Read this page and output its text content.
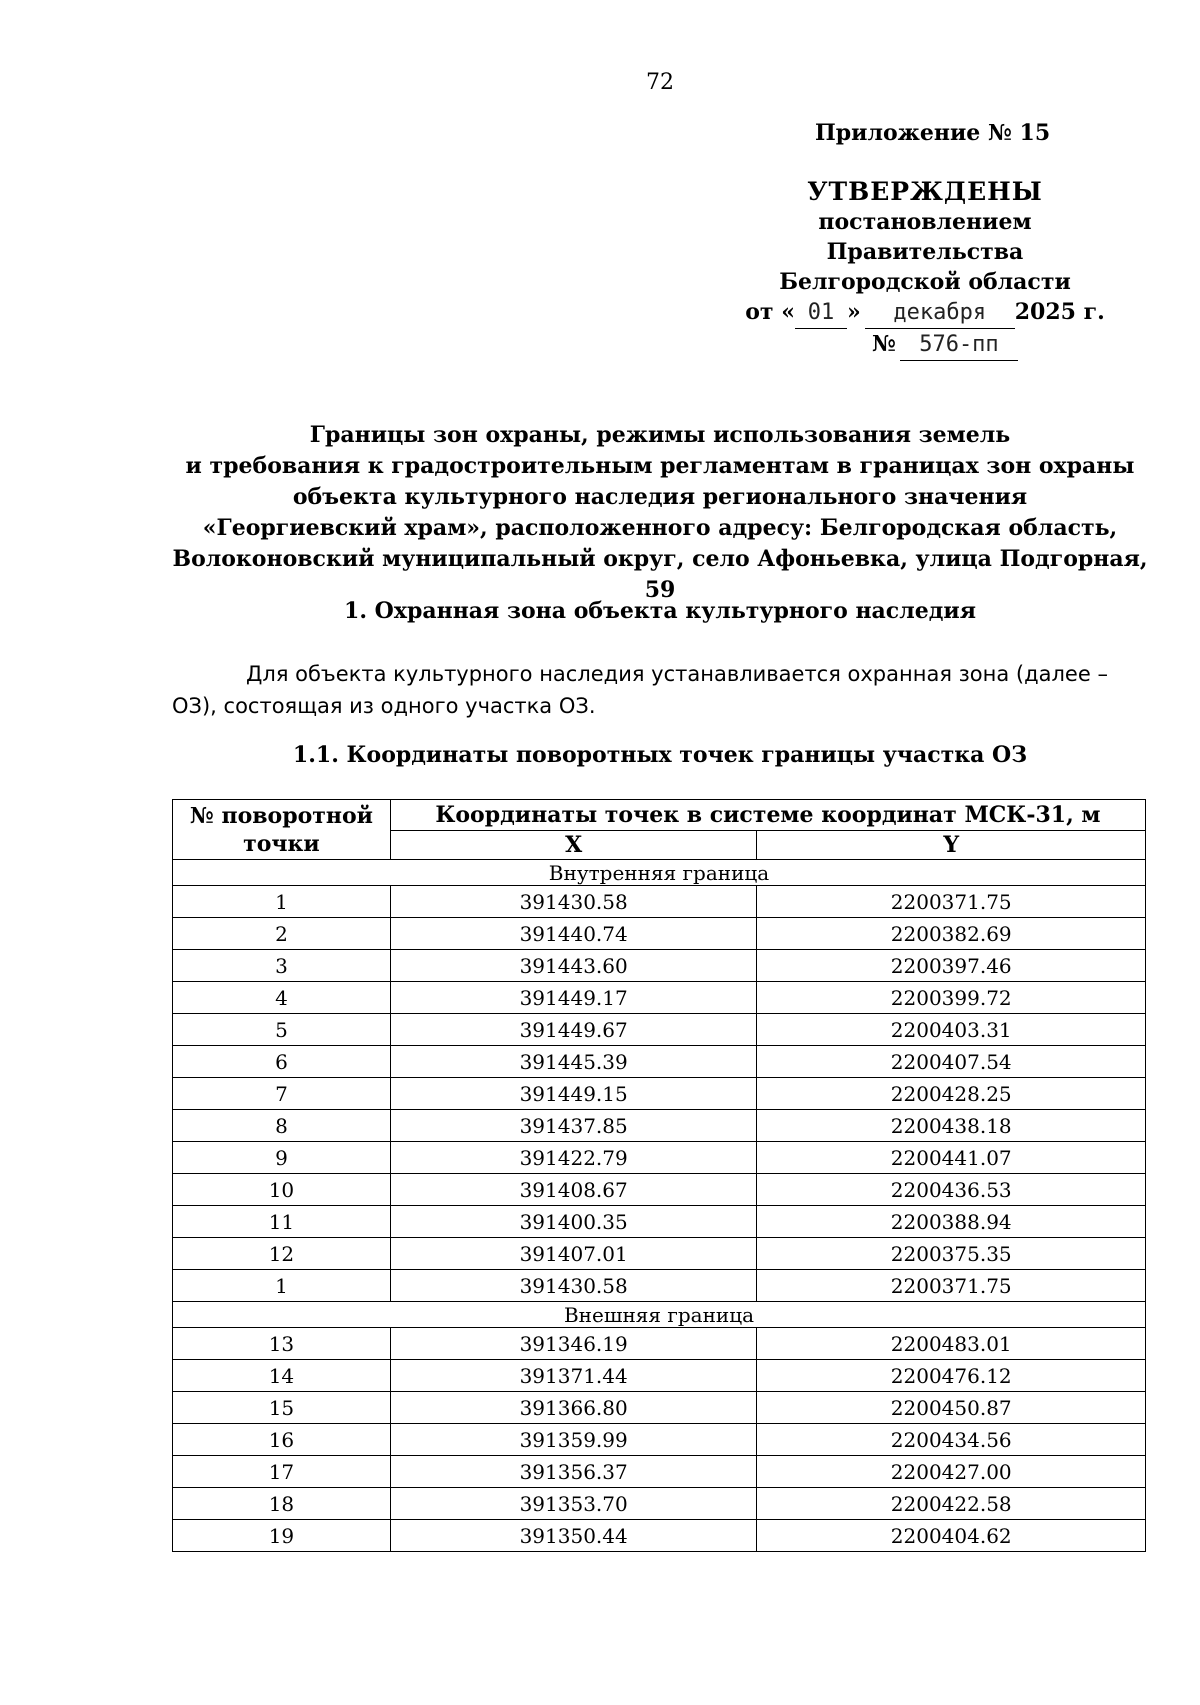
72
Приложение № 15
УТВЕРЖДЕНЫ
постановлением Правительства
Белгородской области
от « 01 » декабря 2025 г.
№ 576-пп
Границы зон охраны, режимы использования земель
и требования к градостроительным регламентам в границах зон охраны
объекта культурного наследия регионального значения
«Георгиевский храм», расположенного адресу: Белгородская область,
Волоконовский муниципальный округ, село Афоньевка, улица Подгорная, 59
1. Охранная зона объекта культурного наследия
Для объекта культурного наследия устанавливается охранная зона (далее – ОЗ), состоящая из одного участка ОЗ.
1.1. Координаты поворотных точек границы участка ОЗ
№ поворотной точки	Координаты точек в системе координат МСК-31, м	
	X	Y
Внутренняя граница		
1	391430.58	2200371.75
2	391440.74	2200382.69
3	391443.60	2200397.46
4	391449.17	2200399.72
5	391449.67	2200403.31
6	391445.39	2200407.54
7	391449.15	2200428.25
8	391437.85	2200438.18
9	391422.79	2200441.07
10	391408.67	2200436.53
11	391400.35	2200388.94
12	391407.01	2200375.35
1	391430.58	2200371.75
Внешняя граница		
13	391346.19	2200483.01
14	391371.44	2200476.12
15	391366.80	2200450.87
16	391359.99	2200434.56
17	391356.37	2200427.00
18	391353.70	2200422.58
19	391350.44	2200404.62
